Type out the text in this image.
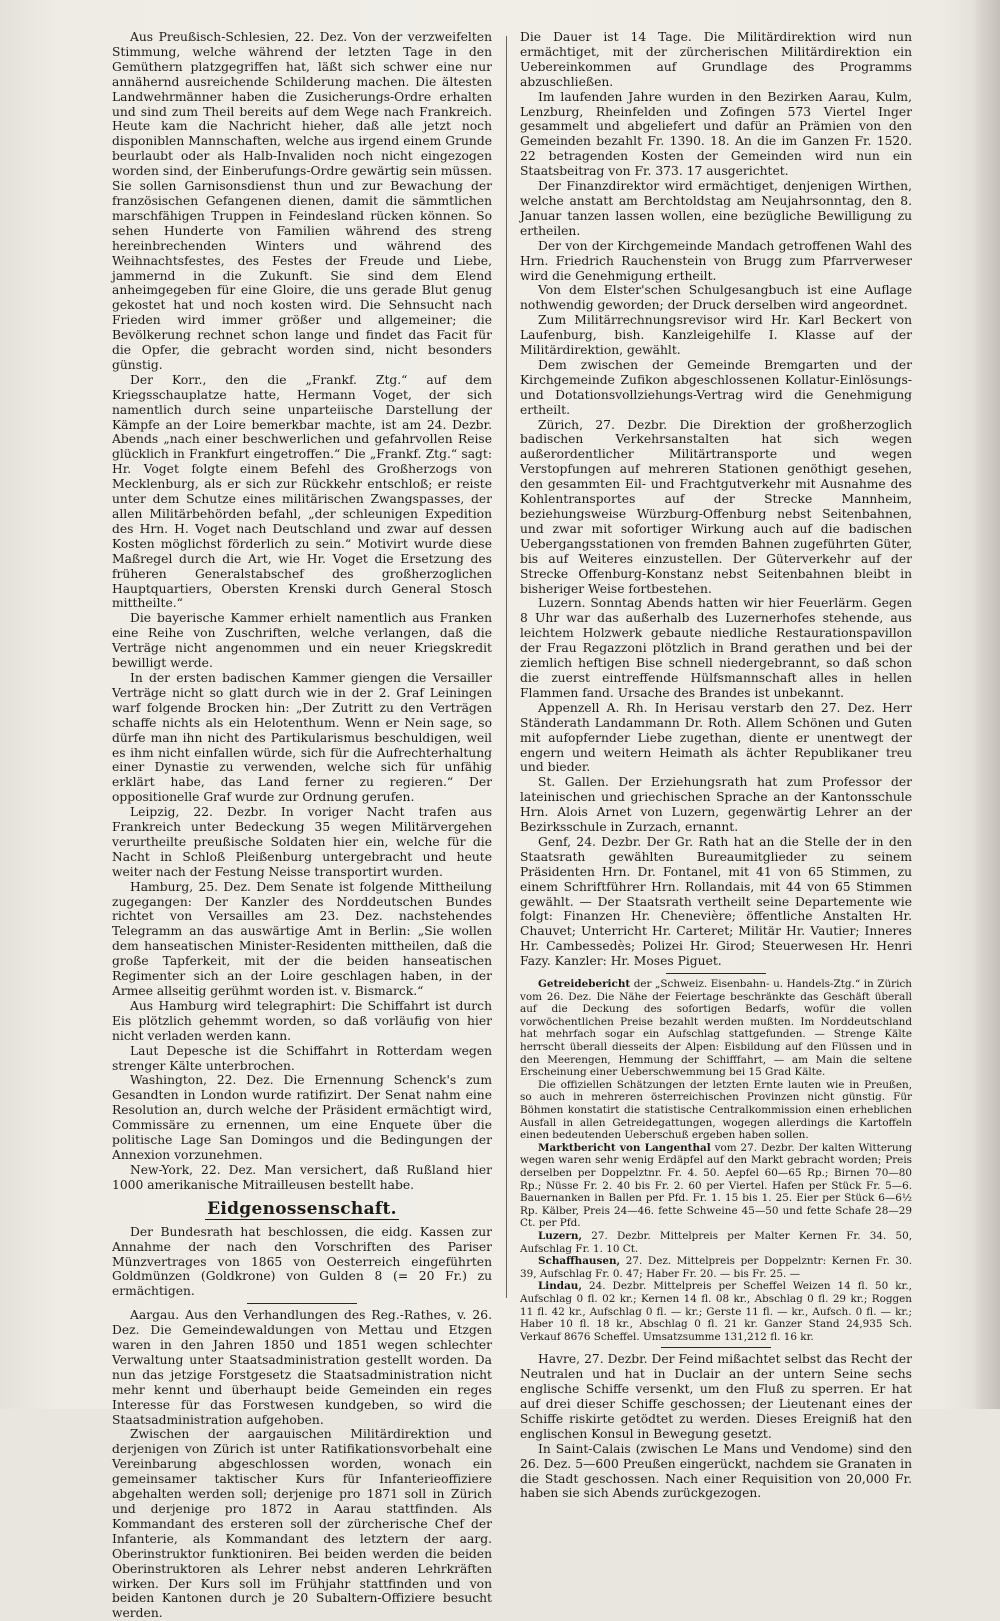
Aus Preußisch-Schlesien, 22. Dez. Von der verzweifelten Stimmung, welche während der letzten Tage in den Gemüthern platzgegriffen hat, läßt sich schwer eine nur annähernd ausreichende Schilderung machen. Die ältesten Landwehrmänner haben die Zusicherungs-Ordre erhalten und sind zum Theil bereits auf dem Wege nach Frankreich. Heute kam die Nachricht hieher, daß alle jetzt noch disponiblen Mannschaften, welche aus irgend einem Grunde beurlaubt oder als Halb-Invaliden noch nicht eingezogen worden sind, der Einberufungs-Ordre gewärtig sein müssen. Sie sollen Garnisonsdienst thun und zur Bewachung der französischen Gefangenen dienen, damit die sämmtlichen marschfähigen Truppen in Feindesland rücken können. So sehen Hunderte von Familien während des streng hereinbrechenden Winters und während des Weihnachtsfestes, des Festes der Freude und Liebe, jammernd in die Zukunft. Sie sind dem Elend anheimgegeben für eine Gloire, die uns gerade Blut genug gekostet hat und noch kosten wird. Die Sehnsucht nach Frieden wird immer größer und allgemeiner; die Bevölkerung rechnet schon lange und findet das Facit für die Opfer, die gebracht worden sind, nicht besonders günstig.

Der Korr., den die „Frankf. Ztg.“ auf dem Kriegsschauplatze hatte, Hermann Voget, der sich namentlich durch seine unparteiische Darstellung der Kämpfe an der Loire bemerkbar machte, ist am 24. Dezbr. Abends „nach einer beschwerlichen und gefahrvollen Reise glücklich in Frankfurt eingetroffen.“ Die „Frankf. Ztg.“ sagt: Hr. Voget folgte einem Befehl des Großherzogs von Mecklenburg, als er sich zur Rückkehr entschloß; er reiste unter dem Schutze eines militärischen Zwangspasses, der allen Militärbehörden befahl, „der schleunigen Expedition des Hrn. H. Voget nach Deutschland und zwar auf dessen Kosten möglichst förderlich zu sein.“ Motivirt wurde diese Maßregel durch die Art, wie Hr. Voget die Ersetzung des früheren Generalstabschef des großherzoglichen Hauptquartiers, Obersten Krenski durch General Stosch mittheilte.“

Die bayerische Kammer erhielt namentlich aus Franken eine Reihe von Zuschriften, welche verlangen, daß die Verträge nicht angenommen und ein neuer Kriegskredit bewilligt werde.

In der ersten badischen Kammer giengen die Versailler Verträge nicht so glatt durch wie in der 2. Graf Leiningen warf folgende Brocken hin: „Der Zutritt zu den Verträgen schaffe nichts als ein Helotenthum. Wenn er Nein sage, so dürfe man ihn nicht des Partikularismus beschuldigen, weil es ihm nicht einfallen würde, sich für die Aufrechterhaltung einer Dynastie zu verwenden, welche sich für unfähig erklärt habe, das Land ferner zu regieren.“ Der oppositionelle Graf wurde zur Ordnung gerufen.

Leipzig, 22. Dezbr. In voriger Nacht trafen aus Frankreich unter Bedeckung 35 wegen Militärvergehen verurtheilte preußische Soldaten hier ein, welche für die Nacht in Schloß Pleißenburg untergebracht und heute weiter nach der Festung Neisse transportirt wurden.

Hamburg, 25. Dez. Dem Senate ist folgende Mittheilung zugegangen: Der Kanzler des Norddeutschen Bundes richtet von Versailles am 23. Dez. nachstehendes Telegramm an das auswärtige Amt in Berlin: „Sie wollen dem hanseatischen Minister-Residenten mittheilen, daß die große Tapferkeit, mit der die beiden hanseatischen Regimenter sich an der Loire geschlagen haben, in der Armee allseitig gerühmt worden ist. v. Bismarck.“

Aus Hamburg wird telegraphirt: Die Schiffahrt ist durch Eis plötzlich gehemmt worden, so daß vorläufig von hier nicht verladen werden kann.

Laut Depesche ist die Schiffahrt in Rotterdam wegen strenger Kälte unterbrochen.

Washington, 22. Dez. Die Ernennung Schenck's zum Gesandten in London wurde ratifizirt. Der Senat nahm eine Resolution an, durch welche der Präsident ermächtigt wird, Commissäre zu ernennen, um eine Enquete über die politische Lage San Domingos und die Bedingungen der Annexion vorzunehmen.

New-York, 22. Dez. Man versichert, daß Rußland hier 1000 amerikanische Mitrailleusen bestellt habe.

Eidgenossenschaft.

Der Bundesrath hat beschlossen, die eidg. Kassen zur Annahme der nach den Vorschriften des Pariser Münzvertrages von 1865 von Oesterreich eingeführten Goldmünzen (Goldkrone) von Gulden 8 (= 20 Fr.) zu ermächtigen.

Aargau. Aus den Verhandlungen des Reg.-Rathes, v. 26. Dez. Die Gemeindewaldungen von Mettau und Etzgen waren in den Jahren 1850 und 1851 wegen schlechter Verwaltung unter Staatsadministration gestellt worden. Da nun das jetzige Forstgesetz die Staatsadministration nicht mehr kennt und überhaupt beide Gemeinden ein reges Interesse für das Forstwesen kundgeben, so wird die Staatsadministration aufgehoben.

Zwischen der aargauischen Militärdirektion und derjenigen von Zürich ist unter Ratifikationsvorbehalt eine Vereinbarung abgeschlossen worden, wonach ein gemeinsamer taktischer Kurs für Infanterieoffiziere abgehalten werden soll; derjenige pro 1871 soll in Zürich und derjenige pro 1872 in Aarau stattfinden. Als Kommandant des ersteren soll der zürcherische Chef der Infanterie, als Kommandant des letztern der aarg. Oberinstruktor funktioniren. Bei beiden werden die beiden Oberinstruktoren als Lehrer nebst anderen Lehrkräften wirken. Der Kurs soll im Frühjahr stattfinden und von beiden Kantonen durch je 20 Subaltern-Offiziere besucht werden.

Die Dauer ist 14 Tage. Die Militärdirektion wird nun ermächtiget, mit der zürcherischen Militärdirektion ein Uebereinkommen auf Grundlage des Programms abzuschließen.

Im laufenden Jahre wurden in den Bezirken Aarau, Kulm, Lenzburg, Rheinfelden und Zofingen 573 Viertel Inger gesammelt und abgeliefert und dafür an Prämien von den Gemeinden bezahlt Fr. 1390. 18. An die im Ganzen Fr. 1520. 22 betragenden Kosten der Gemeinden wird nun ein Staatsbeitrag von Fr. 373. 17 ausgerichtet.

Der Finanzdirektor wird ermächtiget, denjenigen Wirthen, welche anstatt am Berchtoldstag am Neujahrsonntag, den 8. Januar tanzen lassen wollen, eine bezügliche Bewilligung zu ertheilen.

Der von der Kirchgemeinde Mandach getroffenen Wahl des Hrn. Friedrich Rauchenstein von Brugg zum Pfarrverweser wird die Genehmigung ertheilt.

Von dem Elster'schen Schulgesangbuch ist eine Auflage nothwendig geworden; der Druck derselben wird angeordnet.

Zum Militärrechnungsrevisor wird Hr. Karl Beckert von Laufenburg, bish. Kanzleigehilfe I. Klasse auf der Militärdirektion, gewählt.

Dem zwischen der Gemeinde Bremgarten und der Kirchgemeinde Zufikon abgeschlossenen Kollatur-Einlösungs- und Dotationsvollziehungs-Vertrag wird die Genehmigung ertheilt.

Zürich, 27. Dezbr. Die Direktion der großherzoglich badischen Verkehrsanstalten hat sich wegen außerordentlicher Militärtransporte und wegen Verstopfungen auf mehreren Stationen genöthigt gesehen, den gesammten Eil- und Frachtgutverkehr mit Ausnahme des Kohlentransportes auf der Strecke Mannheim, beziehungsweise Würzburg-Offenburg nebst Seitenbahnen, und zwar mit sofortiger Wirkung auch auf die badischen Uebergangsstationen von fremden Bahnen zugeführten Güter, bis auf Weiteres einzustellen. Der Güterverkehr auf der Strecke Offenburg-Konstanz nebst Seitenbahnen bleibt in bisheriger Weise fortbestehen.

Luzern. Sonntag Abends hatten wir hier Feuerlärm. Gegen 8 Uhr war das außerhalb des Luzernerhofes stehende, aus leichtem Holzwerk gebaute niedliche Restaurationspavillon der Frau Regazzoni plötzlich in Brand gerathen und bei der ziemlich heftigen Bise schnell niedergebrannt, so daß schon die zuerst eintreffende Hülfsmannschaft alles in hellen Flammen fand. Ursache des Brandes ist unbekannt.

Appenzell A. Rh. In Herisau verstarb den 27. Dez. Herr Ständerath Landammann Dr. Roth. Allem Schönen und Guten mit aufopfernder Liebe zugethan, diente er unentwegt der engern und weitern Heimath als ächter Republikaner treu und bieder.

St. Gallen. Der Erziehungsrath hat zum Professor der lateinischen und griechischen Sprache an der Kantonsschule Hrn. Alois Arnet von Luzern, gegenwärtig Lehrer an der Bezirksschule in Zurzach, ernannt.

Genf, 24. Dezbr. Der Gr. Rath hat an die Stelle der in den Staatsrath gewählten Bureaumitglieder zu seinem Präsidenten Hrn. Dr. Fontanel, mit 41 von 65 Stimmen, zu einem Schriftführer Hrn. Rollandais, mit 44 von 65 Stimmen gewählt. — Der Staatsrath vertheilt seine Departemente wie folgt: Finanzen Hr. Chenevière; öffentliche Anstalten Hr. Chauvet; Unterricht Hr. Carteret; Militär Hr. Vautier; Inneres Hr. Cambessedès; Polizei Hr. Girod; Steuerwesen Hr. Henri Fazy. Kanzler: Hr. Moses Piguet.

Getreidebericht der „Schweiz. Eisenbahn- u. Handels-Ztg.“ in Zürich vom 26. Dez. Die Nähe der Feiertage beschränkte das Geschäft überall auf die Deckung des sofortigen Bedarfs, wofür die vollen vorwöchentlichen Preise bezahlt werden mußten. Im Norddeutschland hat mehrfach sogar ein Aufschlag stattgefunden. — Strenge Kälte herrscht überall diesseits der Alpen: Eisbildung auf den Flüssen und in den Meerengen, Hemmung der Schifffahrt, — am Main die seltene Erscheinung einer Ueberschwemmung bei 15 Grad Kälte.

Die offiziellen Schätzungen der letzten Ernte lauten wie in Preußen, so auch in mehreren österreichischen Provinzen nicht günstig. Für Böhmen konstatirt die statistische Centralkommission einen erheblichen Ausfall in allen Getreidegattungen, wogegen allerdings die Kartoffeln einen bedeutenden Ueberschuß ergeben haben sollen.

Marktbericht von Langenthal vom 27. Dezbr. Der kalten Witterung wegen waren sehr wenig Erdäpfel auf den Markt gebracht worden; Preis derselben per Doppelztnr. Fr. 4. 50. Aepfel 60—65 Rp.; Birnen 70—80 Rp.; Nüsse Fr. 2. 40 bis Fr. 2. 60 per Viertel. Hafen per Stück Fr. 5—6. Bauernanken in Ballen per Pfd. Fr. 1. 15 bis 1. 25. Eier per Stück 6—6½ Rp. Kälber, Preis 24—46. fette Schweine 45—50 und fette Schafe 28—29 Ct. per Pfd.

Luzern, 27. Dezbr. Mittelpreis per Malter Kernen Fr. 34. 50, Aufschlag Fr. 1. 10 Ct.

Schaffhausen, 27. Dez. Mittelpreis per Doppelzntr: Kernen Fr. 30. 39, Aufschlag Fr. 0. 47; Haber Fr. 20. — bis Fr. 25. —

Lindau, 24. Dezbr. Mittelpreis per Scheffel Weizen 14 fl. 50 kr., Aufschlag 0 fl. 02 kr.; Kernen 14 fl. 08 kr., Abschlag 0 fl. 29 kr.; Roggen 11 fl. 42 kr., Aufschlag 0 fl. — kr.; Gerste 11 fl. — kr., Aufsch. 0 fl. — kr.; Haber 10 fl. 18 kr., Abschlag 0 fl. 21 kr. Ganzer Stand 24,935 Sch. Verkauf 8676 Scheffel. Umsatzsumme 131,212 fl. 16 kr.

Havre, 27. Dezbr. Der Feind mißachtet selbst das Recht der Neutralen und hat in Duclair an der untern Seine sechs englische Schiffe versenkt, um den Fluß zu sperren. Er hat auf drei dieser Schiffe geschossen; der Lieutenant eines der Schiffe riskirte getödtet zu werden. Dieses Ereigniß hat den englischen Konsul in Bewegung gesetzt.

In Saint-Calais (zwischen Le Mans und Vendome) sind den 26. Dez. 5—600 Preußen eingerückt, nachdem sie Granaten in die Stadt geschossen. Nach einer Requisition von 20,000 Fr. haben sie sich Abends zurückgezogen.
